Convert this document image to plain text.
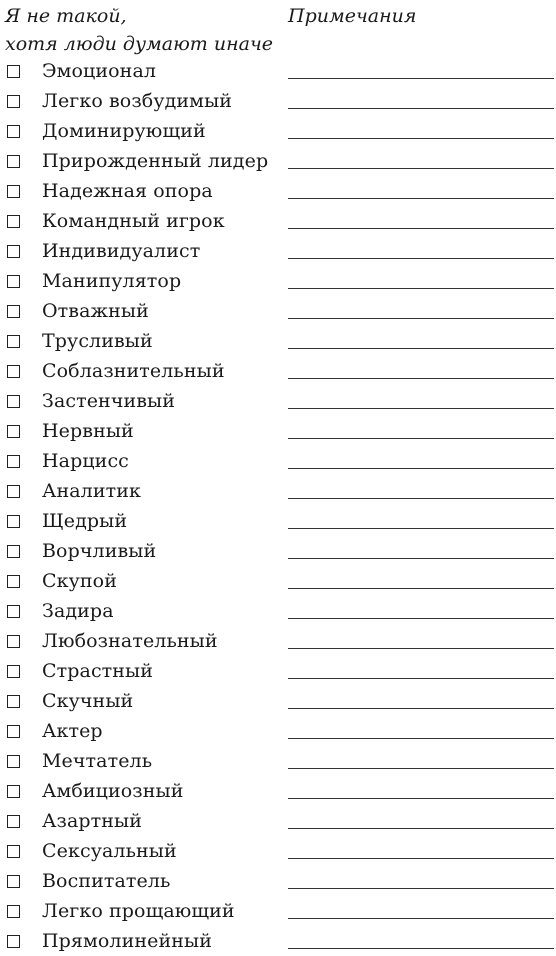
Я не такой,
хотя люди думают иначе
Примечания
Эмоционал
Легко возбудимый
Доминирующий
Прирожденный лидер
Надежная опора
Командный игрок
Индивидуалист
Манипулятор
Отважный
Трусливый
Соблазнительный
Застенчивый
Нервный
Нарцисс
Аналитик
Щедрый
Ворчливый
Скупой
Задира
Любознательный
Страстный
Скучный
Актер
Мечтатель
Амбициозный
Азартный
Сексуальный
Воспитатель
Легко прощающий
Прямолинейный
